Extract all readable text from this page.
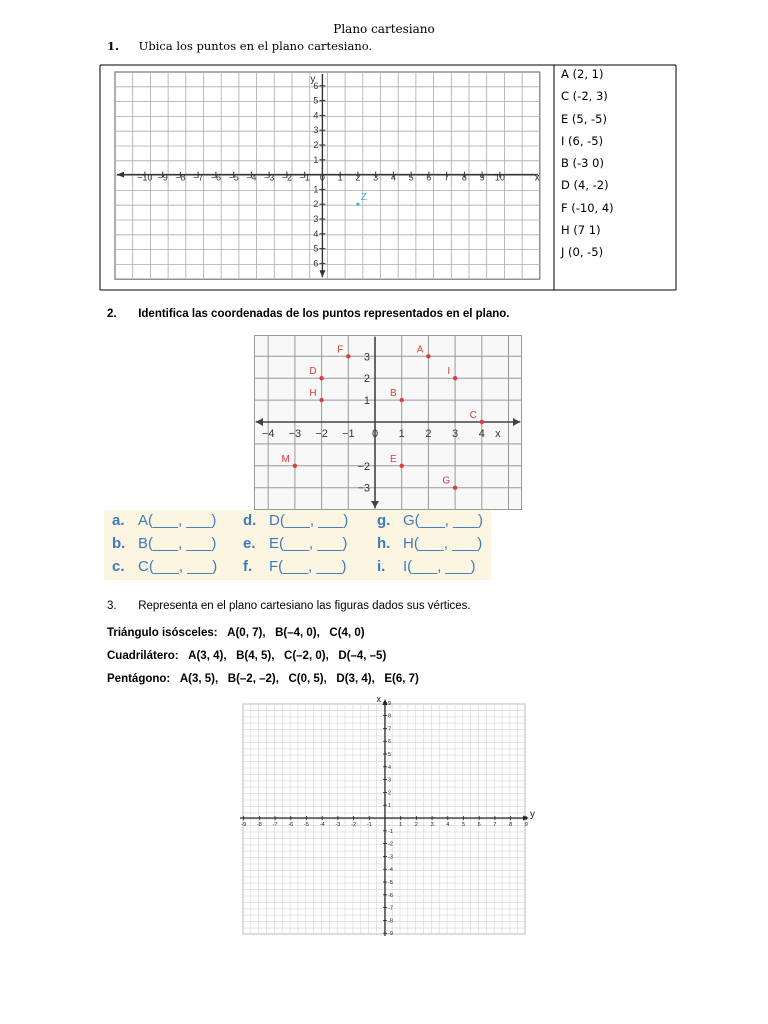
Plano cartesiano
1. Ubica los puntos en el plano cartesiano.
y
−10 −9 −8 −7 −6 −5 −4 −3 −2 −1 0 1 2 3 4 5 6 7 8 9 10	x
6
5
4
3
2
1
1
2
3
4
5
6
Z
A (2, 1)
C (-2, 3)
E (5, -5)
I (6, -5)
B (-3 0)
D (4, -2)
F (-10, 4)
H (7 1)
J (0, -5)
2. Identifica las coordenadas de los puntos representados en el plano.
−4 −3 −2 −1 0 1 2 3 4 x
3
2
1
−2
−3
A
B
C
D
E
F
G
H
I
M
a. A(___, ___) d. D(___, ___) g. G(___, ___)
b. B(___, ___) e. E(___, ___) h. H(___, ___)
c. C(___, ___) f. F(___, ___) i. I(___, ___)
3. Representa en el plano cartesiano las figuras dados sus vértices.
Triángulo isósceles: A(0, 7),   B(–4, 0),   C(4, 0)
Cuadrilátero: A(3, 4),   B(4, 5),   C(–2, 0),   D(–4, –5)
Pentágono: A(3, 5),   B(–2, –2),   C(0, 5),   D(3, 4),   E(6, 7)
x
y
-9 -8 -7 -6 -5 -4 -3 -2 -1	1 2 3 4 5 6 7 8 9
9
8
7
6
5
4
3
2
1
-1
-2
-3
-4
-5
-6
-7
-8
-9
